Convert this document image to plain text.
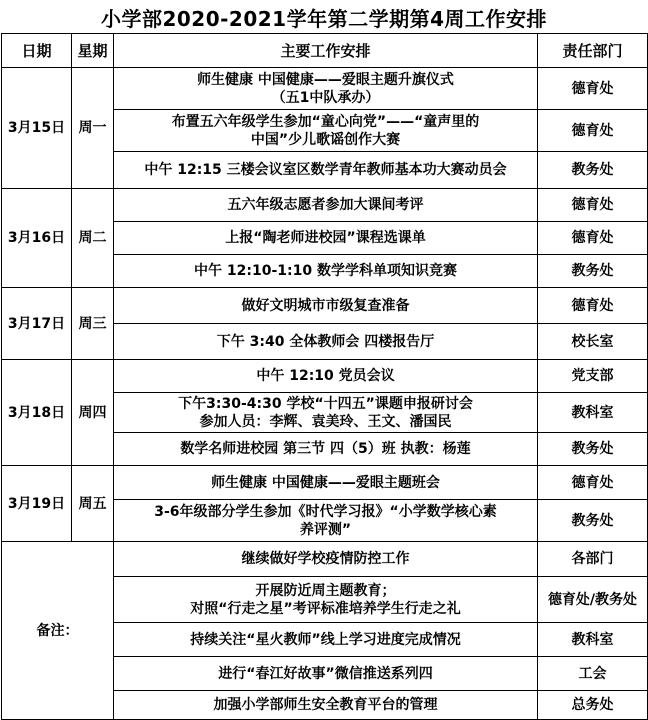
小学部2020-2021学年第二学期第4周工作安排
日期	星期	主要工作安排	责任部门
3月15日	周一	师生健康 中国健康——爱眼主题升旗仪式
（五1中队承办）	德育处
		布置五六年级学生参加“童心向党”——“童声里的
中国”少儿歌谣创作大赛	德育处
		中午 12:15 三楼会议室区数学青年教师基本功大赛动员会	教务处
3月16日	周二	五六年级志愿者参加大课间考评	德育处
		上报“陶老师进校园”课程选课单	德育处
		中午 12:10-1:10 数学学科单项知识竞赛	教务处
3月17日	周三	做好文明城市市级复查准备	德育处
		下午 3:40 全体教师会 四楼报告厅	校长室
3月18日	周四	中午 12:10 党员会议	党支部
		下午3:30-4:30 学校“十四五”课题申报研讨会
参加人员：李辉、袁美玲、王文、潘国民	教科室
		数学名师进校园 第三节 四（5）班 执教：杨莲	教务处
3月19日	周五	师生健康 中国健康——爱眼主题班会	德育处
		3-6年级部分学生参加《时代学习报》“小学数学核心素
养评测”	教务处
备注：		继续做好学校疫情防控工作	各部门
		开展防近周主题教育；
对照“行走之星”考评标准培养学生行走之礼	德育处/教务处
		持续关注“星火教师”线上学习进度完成情况	教科室
		进行“春江好故事”微信推送系列四	工会
		加强小学部师生安全教育平台的管理	总务处
